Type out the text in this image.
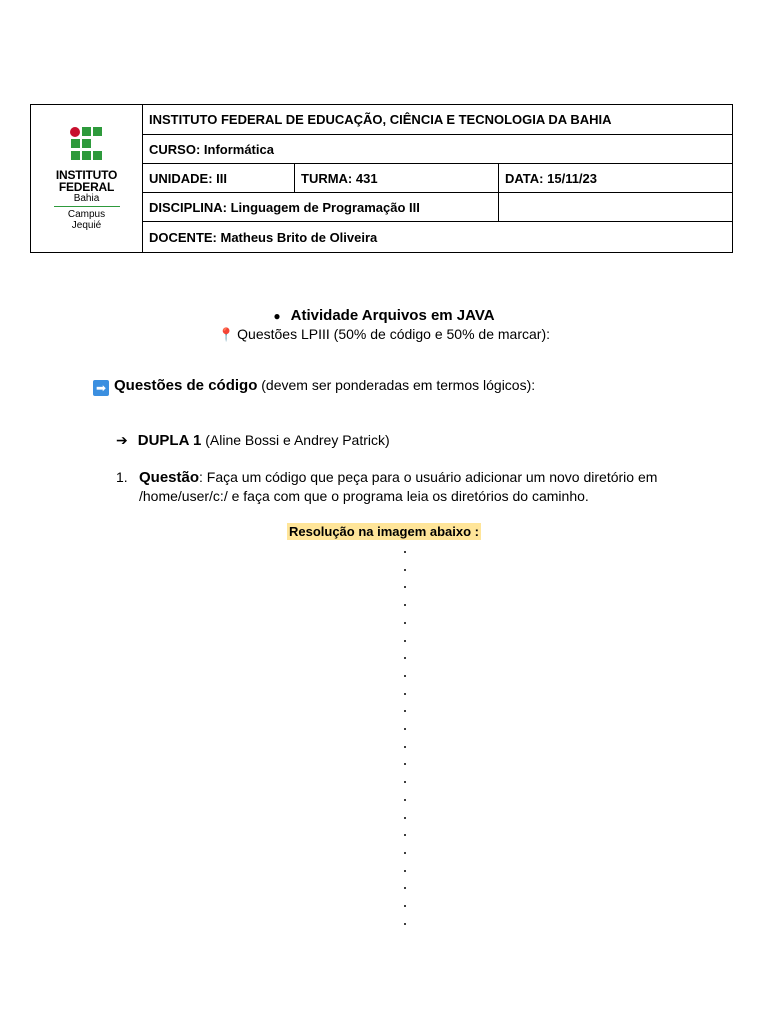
INSTITUTO
FEDERAL
Bahia
Campus
Jequié	INSTITUTO FEDERAL DE EDUCAÇÃO, CIÊNCIA E TECNOLOGIA DA BAHIA		
	CURSO: Informática		
	UNIDADE: III	TURMA: 431	DATA: 15/11/23
	DISCIPLINA: Linguagem de Programação III		
	DOCENTE: Matheus Brito de Oliveira		
● Atividade Arquivos em JAVA
📍 Questões LPIII (50% de código e 50% de marcar):
➡ Questões de código (devem ser ponderadas em termos lógicos):
➔ DUPLA 1 (Aline Bossi e Andrey Patrick)
1. Questão: Faça um código que peça para o usuário adicionar um novo diretório em /home/user/c:/ e faça com que o programa leia os diretórios do caminho.
Resolução na imagem abaixo :
